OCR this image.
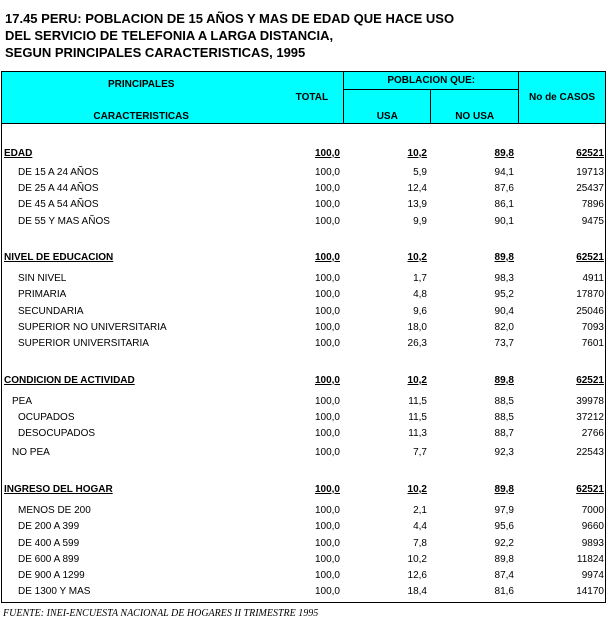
17.45 PERU: POBLACION DE 15 AÑOS Y MAS DE EDAD QUE HACE USO
DEL SERVICIO DE TELEFONIA A LARGA DISTANCIA,
SEGUN PRINCIPALES CARACTERISTICAS, 1995
PRINCIPALES
CARACTERISTICAS	TOTAL	POBLACION QUE:		No de CASOS
		USA	NO USA	
EDAD	100,0	10,2	89,8	62521
DE 15 A 24 AÑOS	100,0	5,9	94,1	19713
DE 25 A 44 AÑOS	100,0	12,4	87,6	25437
DE 45 A 54 AÑOS	100,0	13,9	86,1	7896
DE 55 Y MAS AÑOS	100,0	9,9	90,1	9475
NIVEL DE EDUCACION	100,0	10,2	89,8	62521
SIN NIVEL	100,0	1,7	98,3	4911
PRIMARIA	100,0	4,8	95,2	17870
SECUNDARIA	100,0	9,6	90,4	25046
SUPERIOR NO UNIVERSITARIA	100,0	18,0	82,0	7093
SUPERIOR UNIVERSITARIA	100,0	26,3	73,7	7601
CONDICION DE ACTIVIDAD	100,0	10,2	89,8	62521
PEA	100,0	11,5	88,5	39978
OCUPADOS	100,0	11,5	88,5	37212
DESOCUPADOS	100,0	11,3	88,7	2766
NO PEA	100,0	7,7	92,3	22543
INGRESO DEL HOGAR	100,0	10,2	89,8	62521
MENOS DE 200	100,0	2,1	97,9	7000
DE 200 A 399	100,0	4,4	95,6	9660
DE 400 A 599	100,0	7,8	92,2	9893
DE 600 A 899	100,0	10,2	89,8	11824
DE 900 A 1299	100,0	12,6	87,4	9974
DE 1300 Y MAS	100,0	18,4	81,6	14170
FUENTE: INEI-ENCUESTA NACIONAL DE HOGARES II TRIMESTRE 1995
